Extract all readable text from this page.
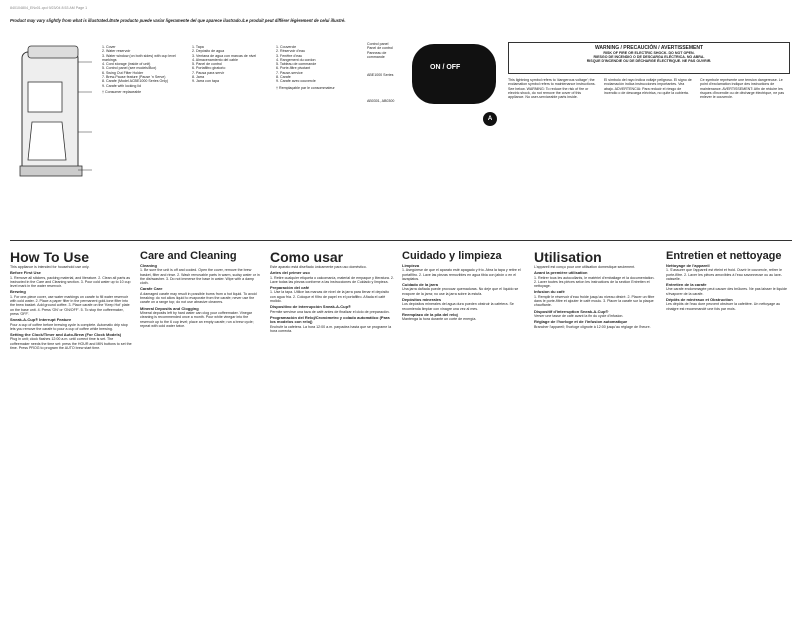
840104804_ENv01.qxd 9/23/04 8:53 AM Page 1
Product may vary slightly from what is illustrated./Este producto puede variar ligeramente del que aparece ilustrado./Le produit peut différer légèrement de celui illustré.
1. Cover
2. Water reservoir
3. Water window (on both sides) with cup level markings
4. Cord storage (inside of unit)
5. Control panel (see models/Box)
6. Swing Out Filter Holder
7. Brew-Pause feature (Pause 'n Serve)
8. Carafe (Model ACBE1000 Series Only)
9. Carafe with locking lid
† Consumer replaceable
1. Tapa
2. Depósito de agua
3. Ventana de agua con marcas de nivel
4. Almacenamiento del cable
5. Panel de control
6. Portafiltro giratorio
7. Pausa para servir
8. Jarra
9. Jarra con tapa
1. Couvercle
2. Réservoir d'eau
3. Fenêtre d'eau
4. Rangement du cordon
5. Tableau de commande
6. Porte-filtre pivotant
7. Pause-service
8. Carafe
9. Carafe avec couvercle
† Remplaçable par le consommateur
Control panel
Panel de control
Panneau de commande
ABE1000 Series
AB0301, AB0300
ON / OFF
A
WARNING / PRECAUCIÓN / AVERTISSEMENT
RISK OF FIRE OR ELECTRIC SHOCK. DO NOT OPEN.
RIESGO DE INCENDIO O DE DESCARGA ELÉCTRICA. NO ABRA.
RISQUE D'INCENDIE OU DE DÉCHARGE ÉLECTRIQUE. NE PAS OUVRIR.
This lightning symbol refers to 'dangerous voltage'; the exclamation symbol refers to maintenance instructions. See below. WARNING: To reduce the risk of fire or electric shock, do not remove the cover of this appliance. No user-serviceable parts inside.
El símbolo del rayo indica voltaje peligroso. El signo de exclamación indica instrucciones importantes. Vea abajo. ADVERTENCIA: Para reducir el riesgo de incendio o de descarga eléctrica, no quite la cubierta.
Ce symbole représente une tension dangereuse. Le point d'exclamation indique des instructions de maintenance. AVERTISSEMENT: Afin de réduire les risques d'incendie ou de décharge électrique, ne pas enlever le couvercle.
How To Use
This appliance is intended for household use only.
Before First Use
1. Remove all stickers, packing material, and literature. 2. Clean all parts as instructed in the Care and Cleaning section. 3. Pour cold water up to 10 cup level mark in the water reservoir.
Brewing
1. For one-piece cover, use water markings on carafe to fill water reservoir with cold water. 2. Place a paper filter in the permanent gold-tone filter into the brew basket. Add ground coffee. 3. Place carafe on the 'Keep Hot' plate on the base unit. 4. Press 'ON' or 'ON/OFF'. 5. To stop the coffeemaker, press 'OFF'.
Sneak-A-Cup® Interrupt Feature
Pour a cup of coffee before brewing cycle is complete. Automatic drip stop lets you remove the carafe to pour a cup of coffee while brewing.
Setting the Clock/Timer and Auto-Brew (For Clock Models)
Plug in unit; clock flashes 12:00 a.m. until correct time is set. The coffeemaker needs the time set: press the HOUR and MIN buttons to set the time. Press PROG to program the AUTO brew start time.
Care and Cleaning
Cleaning
1. Be sure the unit is off and cooled. Open the cover, remove the brew basket, filter and rinse. 2. Wash removable parts in warm, sudsy water or in the dishwasher. 3. Do not immerse the base in water. Wipe with a damp cloth.
Carafe Care
A damaged carafe may result in possible burns from a hot liquid. To avoid breaking: do not allow liquid to evaporate from the carafe; never use the carafe on a range top; do not use abrasive cleaners.
Mineral Deposits and Clogging
Mineral deposits left by hard water can clog your coffeemaker. Vinegar cleaning is recommended once a month. Pour white vinegar into the reservoir up to the 6 cup level; place an empty carafe; run a brew cycle; repeat with cold water twice.
Como usar
Este aparato está diseñado únicamente para uso doméstico.
Antes del primer uso
1. Retire cualquier etiqueta o calcomanía, material de empaque y literatura. 2. Lave todas las piezas conforme a las instrucciones de Cuidado y limpieza.
Preparación del café
1. Use la tapa. Utilice las marcas de nivel de la jarra para llenar el depósito con agua fría. 2. Coloque el filtro de papel en el portafiltro. Añada el café molido.
Dispositivo de interrupción Sneak-A-Cup®
Permite servirse una taza de café antes de finalizar el ciclo de preparación.
Programación del Reloj/Cronómetro y colado automático (Para los modelos con reloj)
Enchufe la cafetera. La hora 12:00 a.m. parpadea hasta que se programe la hora correcta.
Cuidado y limpieza
Limpieza
1. Asegúrese de que el aparato esté apagado y frío. Abra la tapa y retire el portafiltro. 2. Lave las piezas removibles en agua tibia con jabón o en el lavaplatos.
Cuidado de la jarra
Una jarra dañada puede provocar quemaduras. No deje que el líquido se evapore de la jarra; no use la jarra sobre la estufa.
Depósitos minerales
Los depósitos minerales del agua dura pueden obstruir la cafetera. Se recomienda limpiar con vinagre una vez al mes.
Reemplazo de la pila del reloj
Mantenga la hora durante un corte de energía.
Utilisation
L'appareil est conçu pour une utilisation domestique seulement.
Avant la première utilisation
1. Retirer tous les autocollants, le matériel d'emballage et la documentation. 2. Laver toutes les pièces selon les instructions de la section Entretien et nettoyage.
Infusion du café
1. Remplir le réservoir d'eau froide jusqu'au niveau désiré. 2. Placer un filtre dans le porte-filtre et ajouter le café moulu. 3. Placer la carafe sur la plaque chauffante.
Dispositif d'interruption Sneak-A-Cup®
Verser une tasse de café avant la fin du cycle d'infusion.
Réglage de l'horloge et de l'infusion automatique
Brancher l'appareil; l'horloge clignote à 12:00 jusqu'au réglage de l'heure.
Entretien et nettoyage
Nettoyage de l'appareil
1. S'assurer que l'appareil est éteint et froid. Ouvrir le couvercle, retirer le porte-filtre. 2. Laver les pièces amovibles à l'eau savonneuse ou au lave-vaisselle.
Entretien de la carafe
Une carafe endommagée peut causer des brûlures. Ne pas laisser le liquide s'évaporer de la carafe.
Dépôts de minéraux et Obstruction
Les dépôts de l'eau dure peuvent obstruer la cafetière. Un nettoyage au vinaigre est recommandé une fois par mois.
